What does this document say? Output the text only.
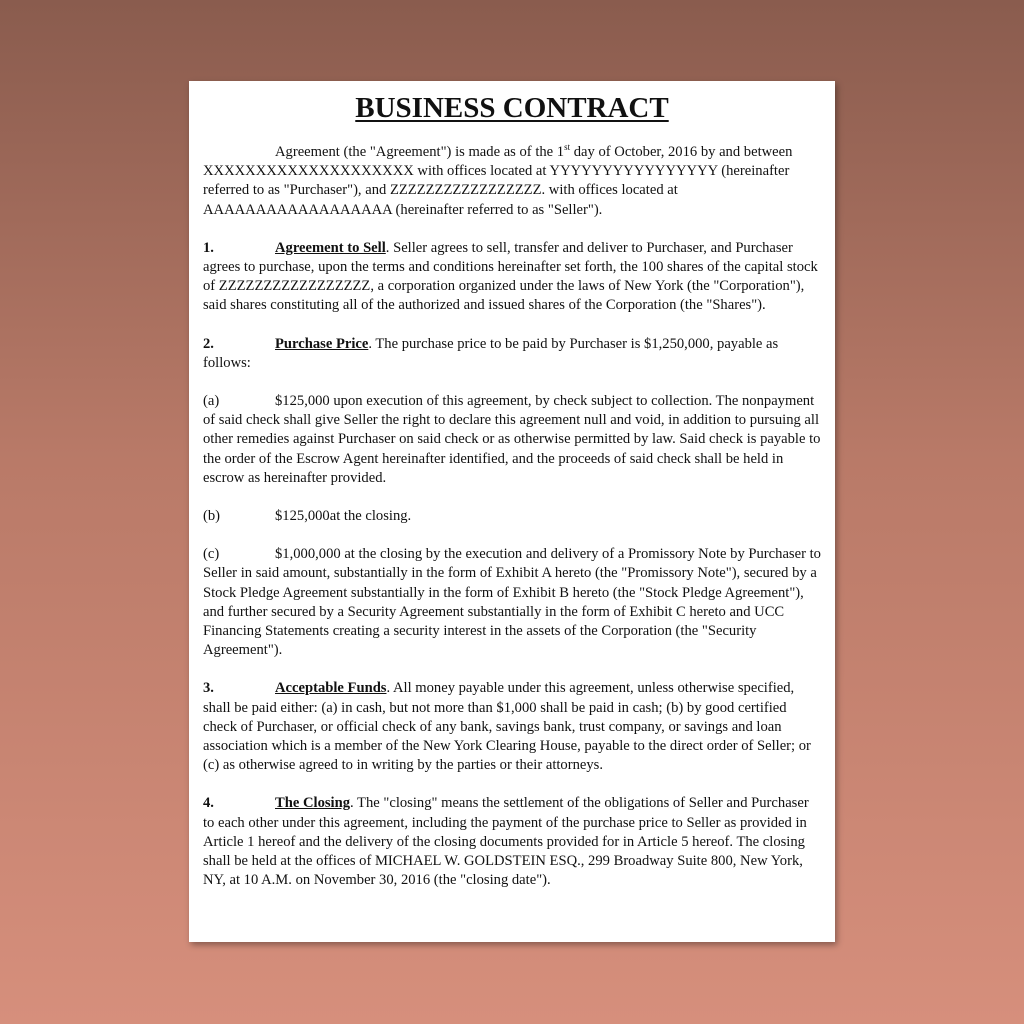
BUSINESS CONTRACT

Agreement (the "Agreement") is made as of the 1st day of October, 2016 by and between XXXXXXXXXXXXXXXXXXXX with offices located at YYYYYYYYYYYYYYYY (hereinafter referred to as "Purchaser"), and ZZZZZZZZZZZZZZZZZ. with offices located at AAAAAAAAAAAAAAAAAA (hereinafter referred to as "Seller").

1.	Agreement to Sell. Seller agrees to sell, transfer and deliver to Purchaser, and Purchaser agrees to purchase, upon the terms and conditions hereinafter set forth, the 100 shares of the capital stock of ZZZZZZZZZZZZZZZZZ, a corporation organized under the laws of New York (the "Corporation"), said shares constituting all of the authorized and issued shares of the Corporation (the "Shares").

2.	Purchase Price. The purchase price to be paid by Purchaser is $1,250,000, payable as follows:

(a)	$125,000 upon execution of this agreement, by check subject to collection. The nonpayment of said check shall give Seller the right to declare this agreement null and void, in addition to pursuing all other remedies against Purchaser on said check or as otherwise permitted by law. Said check is payable to the order of the Escrow Agent hereinafter identified, and the proceeds of said check shall be held in escrow as hereinafter provided.

(b)	$125,000at the closing.

(c)	$1,000,000 at the closing by the execution and delivery of a Promissory Note by Purchaser to Seller in said amount, substantially in the form of Exhibit A hereto (the "Promissory Note"), secured by a Stock Pledge Agreement substantially in the form of Exhibit B hereto (the "Stock Pledge Agreement"), and further secured by a Security Agreement substantially in the form of Exhibit C hereto and UCC Financing Statements creating a security interest in the assets of the Corporation (the "Security Agreement").

3.	Acceptable Funds. All money payable under this agreement, unless otherwise specified, shall be paid either: (a) in cash, but not more than $1,000 shall be paid in cash; (b) by good certified check of Purchaser, or official check of any bank, savings bank, trust company, or savings and loan association which is a member of the New York Clearing House, payable to the direct order of Seller; or (c) as otherwise agreed to in writing by the parties or their attorneys.

4.	The Closing. The "closing" means the settlement of the obligations of Seller and Purchaser to each other under this agreement, including the payment of the purchase price to Seller as provided in Article 1 hereof and the delivery of the closing documents provided for in Article 5 hereof. The closing shall be held at the offices of MICHAEL W. GOLDSTEIN ESQ., 299 Broadway Suite 800, New York, NY, at 10 A.M. on November 30, 2016 (the "closing date").
